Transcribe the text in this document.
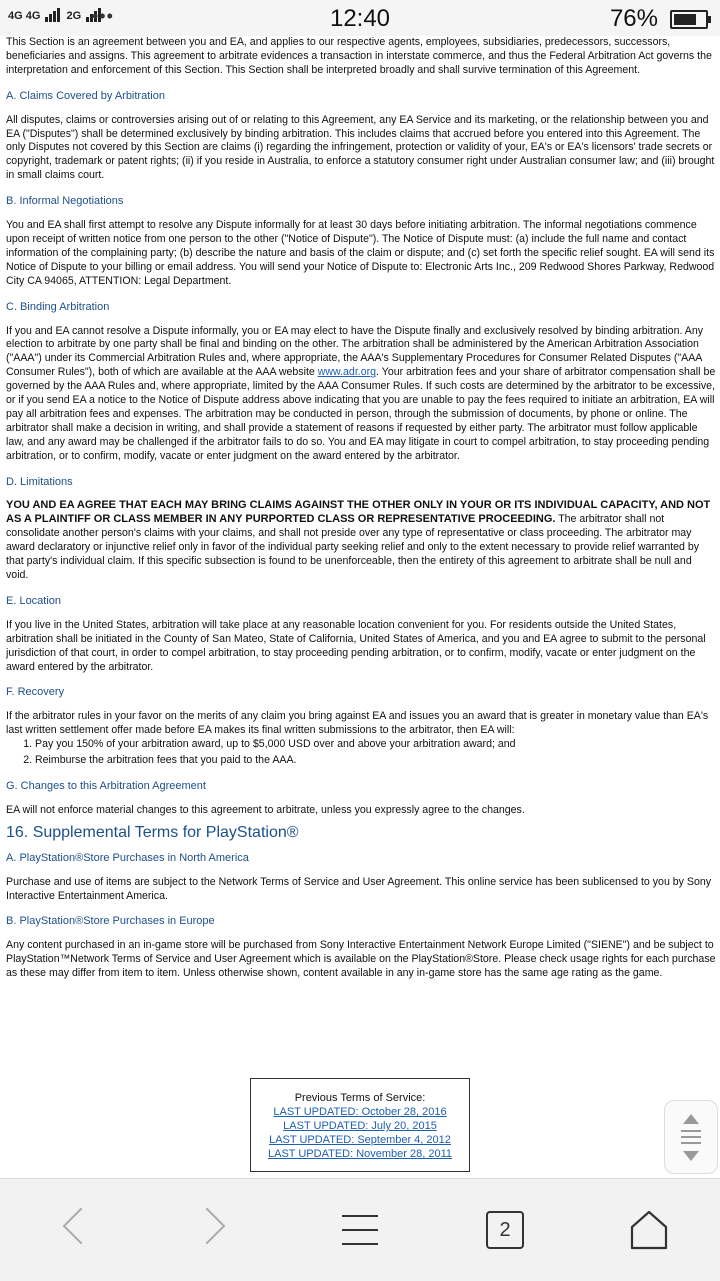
4G 4G 2G •••	12:40	76%

This Section is an agreement between you and EA, and applies to our respective agents, employees, subsidiaries, predecessors, successors, beneficiaries and assigns. This agreement to arbitrate evidences a transaction in interstate commerce, and thus the Federal Arbitration Act governs the interpretation and enforcement of this Section. This Section shall be interpreted broadly and shall survive termination of this Agreement.

A. Claims Covered by Arbitration

All disputes, claims or controversies arising out of or relating to this Agreement, any EA Service and its marketing, or the relationship between you and EA ("Disputes") shall be determined exclusively by binding arbitration. This includes claims that accrued before you entered into this Agreement. The only Disputes not covered by this Section are claims (i) regarding the infringement, protection or validity of your, EA's or EA's licensors' trade secrets or copyright, trademark or patent rights; (ii) if you reside in Australia, to enforce a statutory consumer right under Australian consumer law; and (iii) brought in small claims court.

B. Informal Negotiations

You and EA shall first attempt to resolve any Dispute informally for at least 30 days before initiating arbitration. The informal negotiations commence upon receipt of written notice from one person to the other ("Notice of Dispute"). The Notice of Dispute must: (a) include the full name and contact information of the complaining party; (b) describe the nature and basis of the claim or dispute; and (c) set forth the specific relief sought. EA will send its Notice of Dispute to your billing or email address. You will send your Notice of Dispute to: Electronic Arts Inc., 209 Redwood Shores Parkway, Redwood City CA 94065, ATTENTION: Legal Department.

C. Binding Arbitration

If you and EA cannot resolve a Dispute informally, you or EA may elect to have the Dispute finally and exclusively resolved by binding arbitration. Any election to arbitrate by one party shall be final and binding on the other. The arbitration shall be administered by the American Arbitration Association ("AAA") under its Commercial Arbitration Rules and, where appropriate, the AAA's Supplementary Procedures for Consumer Related Disputes ("AAA Consumer Rules"), both of which are available at the AAA website www.adr.org. Your arbitration fees and your share of arbitrator compensation shall be governed by the AAA Rules and, where appropriate, limited by the AAA Consumer Rules. If such costs are determined by the arbitrator to be excessive, or if you send EA a notice to the Notice of Dispute address above indicating that you are unable to pay the fees required to initiate an arbitration, EA will pay all arbitration fees and expenses. The arbitration may be conducted in person, through the submission of documents, by phone or online. The arbitrator shall make a decision in writing, and shall provide a statement of reasons if requested by either party. The arbitrator must follow applicable law, and any award may be challenged if the arbitrator fails to do so. You and EA may litigate in court to compel arbitration, to stay proceeding pending arbitration, or to confirm, modify, vacate or enter judgment on the award entered by the arbitrator.

D. Limitations

YOU AND EA AGREE THAT EACH MAY BRING CLAIMS AGAINST THE OTHER ONLY IN YOUR OR ITS INDIVIDUAL CAPACITY, AND NOT AS A PLAINTIFF OR CLASS MEMBER IN ANY PURPORTED CLASS OR REPRESENTATIVE PROCEEDING. The arbitrator shall not consolidate another person's claims with your claims, and shall not preside over any type of representative or class proceeding. The arbitrator may award declaratory or injunctive relief only in favor of the individual party seeking relief and only to the extent necessary to provide relief warranted by that party's individual claim. If this specific subsection is found to be unenforceable, then the entirety of this agreement to arbitrate shall be null and void.

E. Location

If you live in the United States, arbitration will take place at any reasonable location convenient for you. For residents outside the United States, arbitration shall be initiated in the County of San Mateo, State of California, United States of America, and you and EA agree to submit to the personal jurisdiction of that court, in order to compel arbitration, to stay proceeding pending arbitration, or to confirm, modify, vacate or enter judgment on the award entered by the arbitrator.

F. Recovery

If the arbitrator rules in your favor on the merits of any claim you bring against EA and issues you an award that is greater in monetary value than EA's last written settlement offer made before EA makes its final written submissions to the arbitrator, then EA will:

1. Pay you 150% of your arbitration award, up to $5,000 USD over and above your arbitration award; and
2. Reimburse the arbitration fees that you paid to the AAA.
G. Changes to this Arbitration Agreement

EA will not enforce material changes to this agreement to arbitrate, unless you expressly agree to the changes.

16. Supplemental Terms for PlayStation®
A. PlayStation®Store Purchases in North America

Purchase and use of items are subject to the Network Terms of Service and User Agreement. This online service has been sublicensed to you by Sony Interactive Entertainment America.

B. PlayStation®Store Purchases in Europe

Any content purchased in an in-game store will be purchased from Sony Interactive Entertainment Network Europe Limited ("SIENE") and be subject to PlayStation™Network Terms of Service and User Agreement which is available on the PlayStation®Store. Please check usage rights for each purchase as these may differ from item to item. Unless otherwise shown, content available in any in-game store has the same age rating as the game.

Previous Terms of Service:
LAST UPDATED: October 28, 2016
LAST UPDATED: July 20, 2015
LAST UPDATED: September 4, 2012
LAST UPDATED: November 28, 2011
2
